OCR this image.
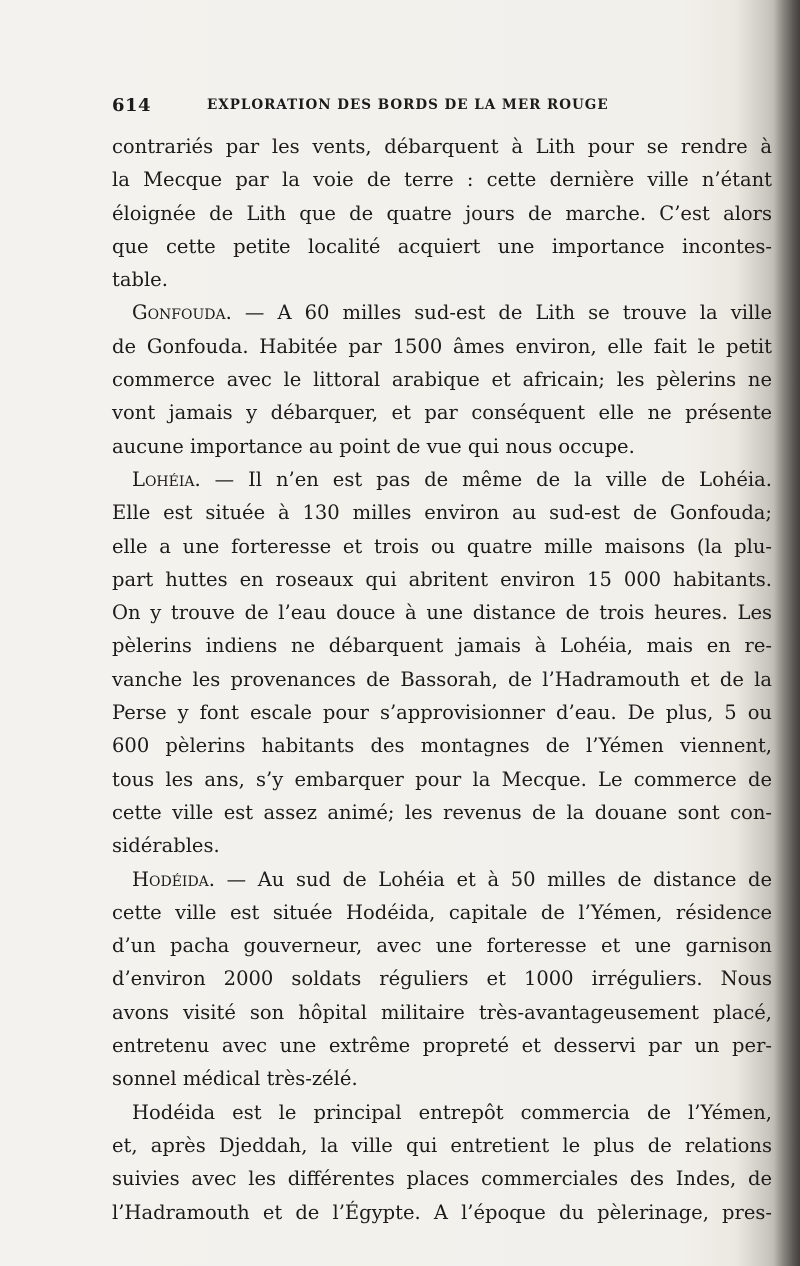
614	EXPLORATION DES BORDS DE LA MER ROUGE
contrariés par les vents, débarquent à Lith pour se rendre à
la Mecque par la voie de terre : cette dernière ville n’étant
éloignée de Lith que de quatre jours de marche. C’est alors
que cette petite localité acquiert une importance incontes-
table.
Gonfouda. — A 60 milles sud-est de Lith se trouve la ville
de Gonfouda. Habitée par 1500 âmes environ, elle fait le petit
commerce avec le littoral arabique et africain; les pèlerins ne
vont jamais y débarquer, et par conséquent elle ne présente
aucune importance au point de vue qui nous occupe.
Lohéia. — Il n’en est pas de même de la ville de Lohéia.
Elle est située à 130 milles environ au sud-est de Gonfouda;
elle a une forteresse et trois ou quatre mille maisons (la plu-
part huttes en roseaux qui abritent environ 15 000 habitants.
On y trouve de l’eau douce à une distance de trois heures. Les
pèlerins indiens ne débarquent jamais à Lohéia, mais en re-
vanche les provenances de Bassorah, de l’Hadramouth et de la
Perse y font escale pour s’approvisionner d’eau. De plus, 5 ou
600 pèlerins habitants des montagnes de l’Yémen viennent,
tous les ans, s’y embarquer pour la Mecque. Le commerce de
cette ville est assez animé; les revenus de la douane sont con-
sidérables.
Hodéida. — Au sud de Lohéia et à 50 milles de distance de
cette ville est située Hodéida, capitale de l’Yémen, résidence
d’un pacha gouverneur, avec une forteresse et une garnison
d’environ 2000 soldats réguliers et 1000 irréguliers. Nous
avons visité son hôpital militaire très-avantageusement placé,
entretenu avec une extrême propreté et desservi par un per-
sonnel médical très-zélé.
Hodéida est le principal entrepôt commercia de l’Yémen,
et, après Djeddah, la ville qui entretient le plus de relations
suivies avec les différentes places commerciales des Indes, de
l’Hadramouth et de l’Égypte. A l’époque du pèlerinage, pres-
